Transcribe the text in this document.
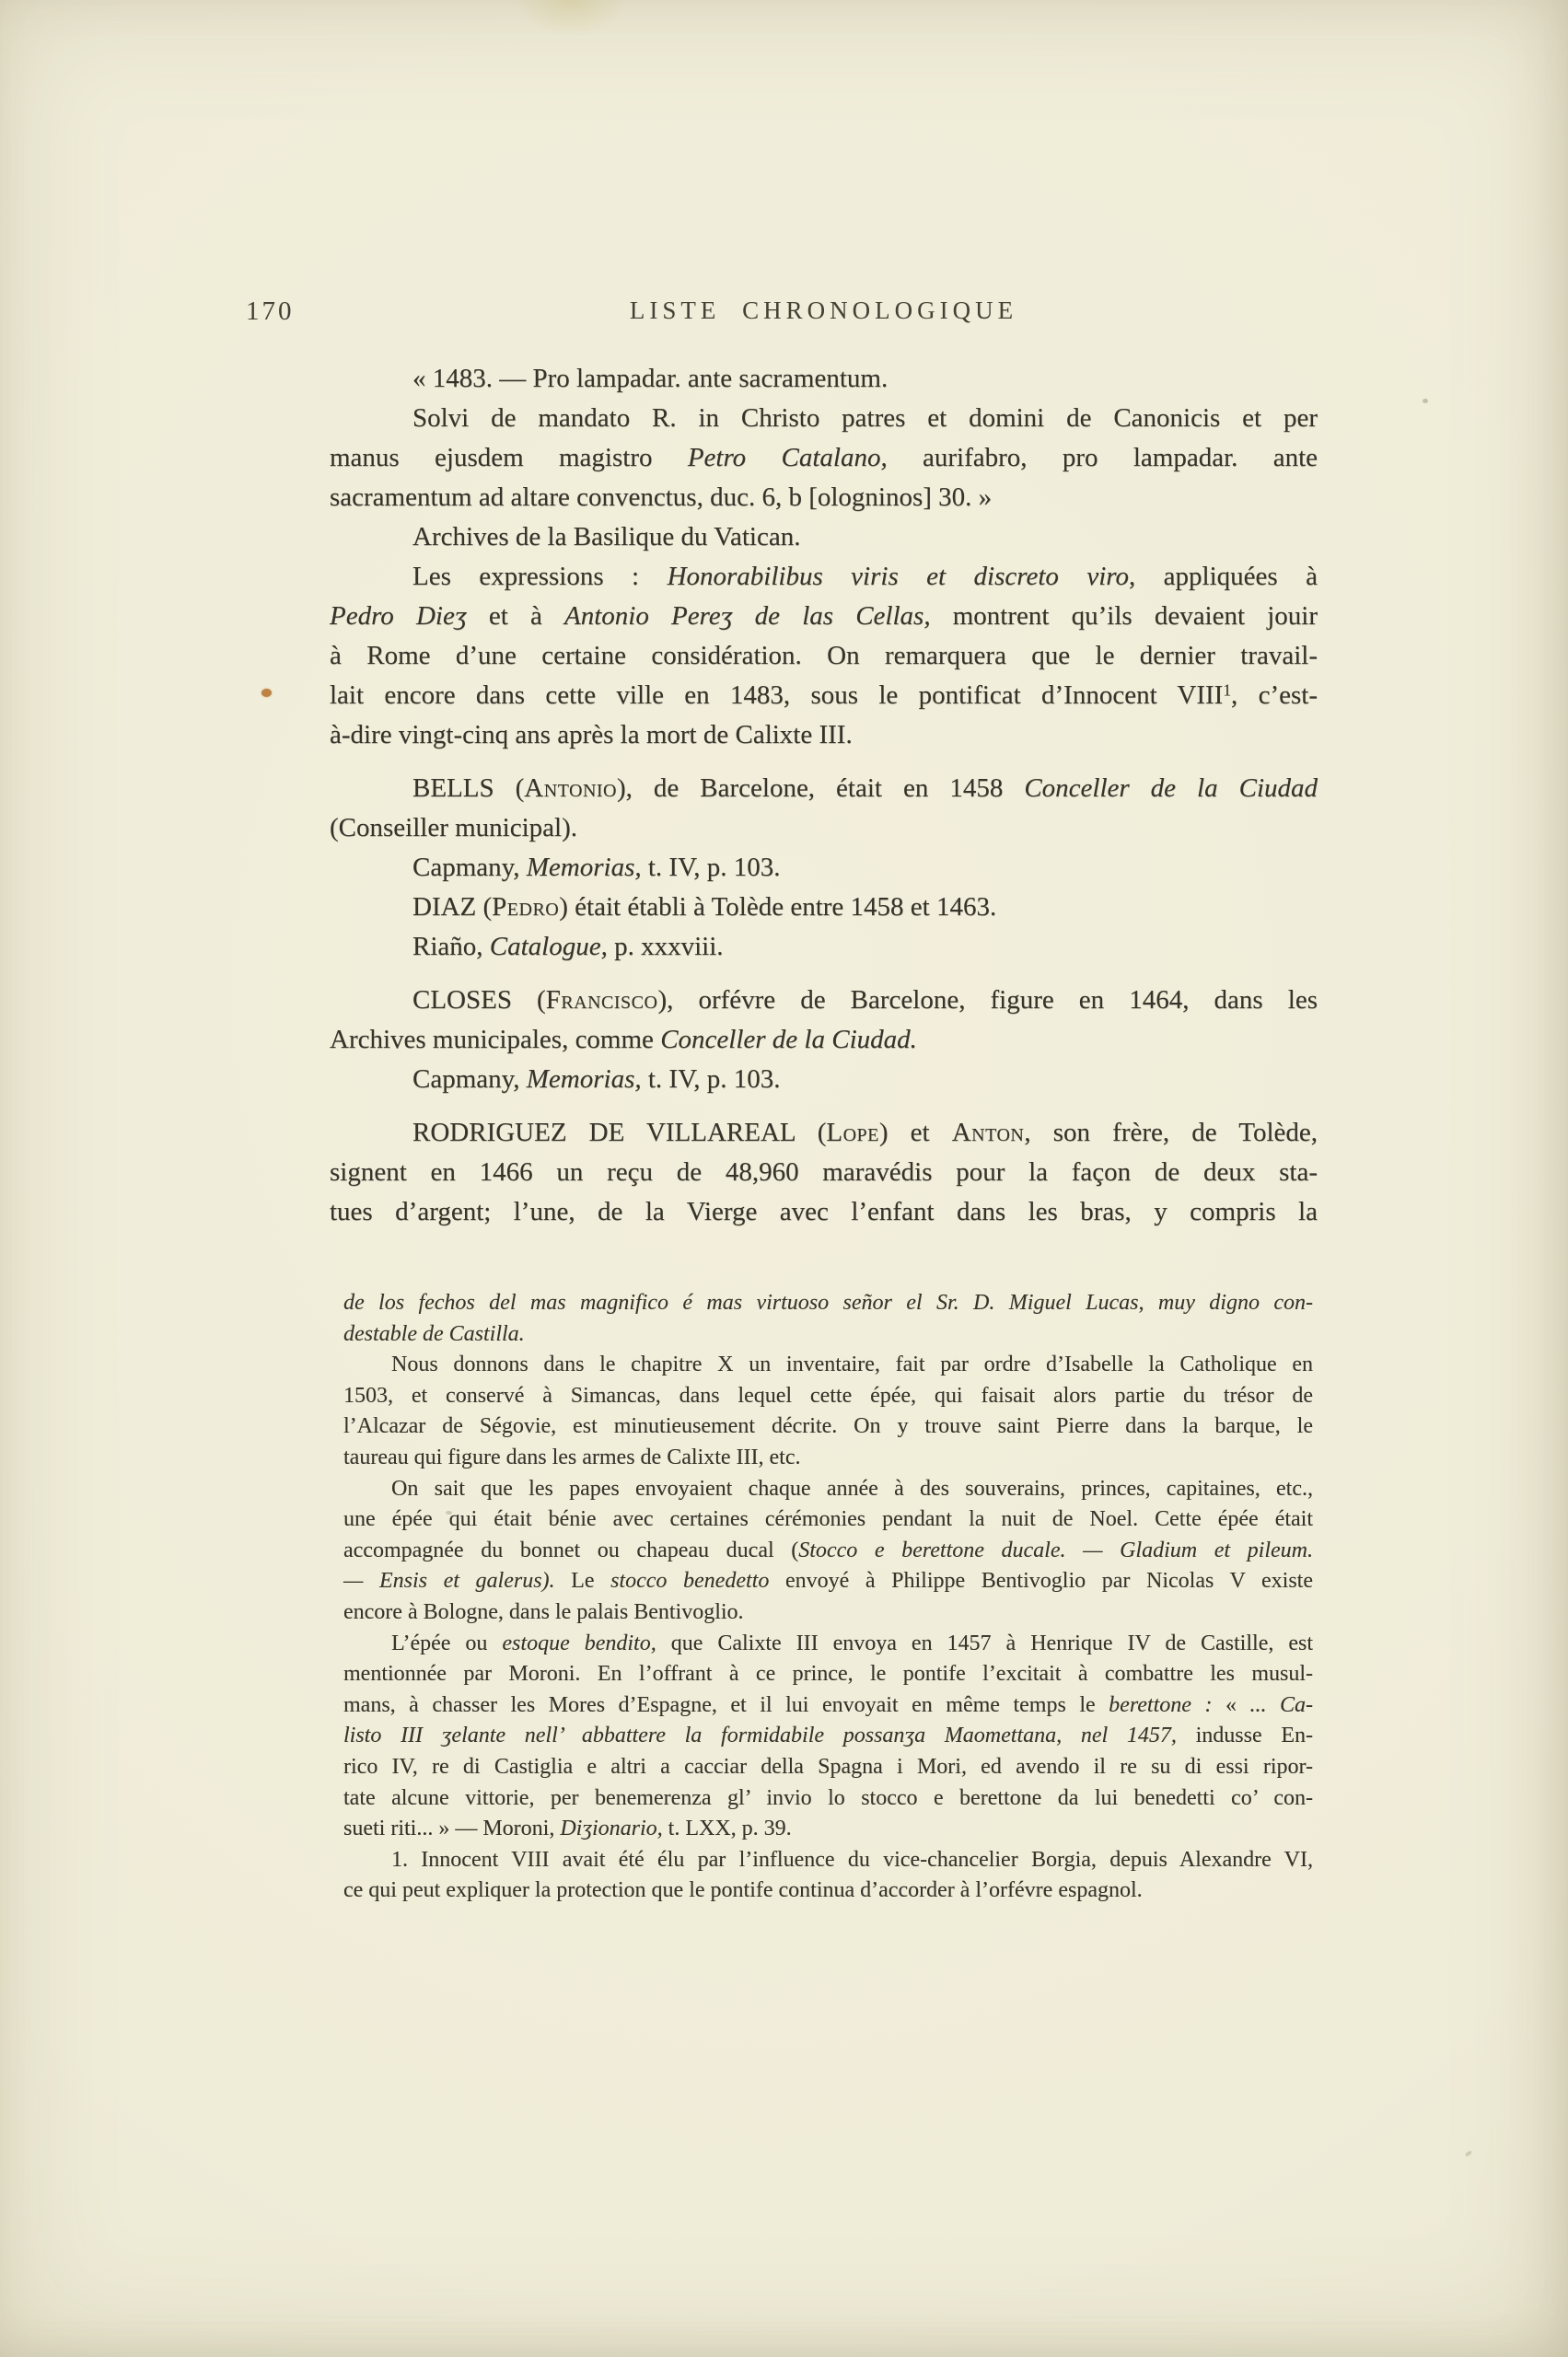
170	LISTE CHRONOLOGIQUE
« 1483. — Pro lampadar. ante sacramentum.
Solvi de mandato R. in Christo patres et domini de Canonicis et per
manus ejusdem magistro Petro Catalano, aurifabro, pro lampadar. ante
sacramentum ad altare convenctus, duc. 6, b [ologninos] 30. »
Archives de la Basilique du Vatican.
Les expressions : Honorabilibus viris et discreto viro, appliquées à
Pedro Dieʒ et à Antonio Pereʒ de las Cellas, montrent qu’ils devaient jouir
à Rome d’une certaine considération. On remarquera que le dernier travail-
lait encore dans cette ville en 1483, sous le pontificat d’Innocent VIII$^1$, c’est-
à-dire vingt-cinq ans après la mort de Calixte III.
BELLS (Antonio), de Barcelone, était en 1458 Conceller de la Ciudad
(Conseiller municipal).
Capmany, Memorias, t. IV, p. 103.
DIAZ (Pedro) était établi à Tolède entre 1458 et 1463.
Riaño, Catalogue, p. xxxviii.
CLOSES (Francisco), orfévre de Barcelone, figure en 1464, dans les
Archives municipales, comme Conceller de la Ciudad.
Capmany, Memorias, t. IV, p. 103.
RODRIGUEZ DE VILLAREAL (Lope) et Anton, son frère, de Tolède,
signent en 1466 un reçu de 48,960 maravédis pour la façon de deux sta-
tues d’argent; l’une, de la Vierge avec l’enfant dans les bras, y compris la
de los fechos del mas magnifico é mas virtuoso señor el Sr. D. Miguel Lucas, muy digno con-
destable de Castilla.
Nous donnons dans le chapitre X un inventaire, fait par ordre d’Isabelle la Catholique en
1503, et conservé à Simancas, dans lequel cette épée, qui faisait alors partie du trésor de
l’Alcazar de Ségovie, est minutieusement décrite. On y trouve saint Pierre dans la barque, le
taureau qui figure dans les armes de Calixte III, etc.
On sait que les papes envoyaient chaque année à des souverains, princes, capitaines, etc.,
une épée qui était bénie avec certaines cérémonies pendant la nuit de Noel. Cette épée était
accompagnée du bonnet ou chapeau ducal (Stocco e berettone ducale. — Gladium et pileum.
— Ensis et galerus). Le stocco benedetto envoyé à Philippe Bentivoglio par Nicolas V existe
encore à Bologne, dans le palais Bentivoglio.
L’épée ou estoque bendito, que Calixte III envoya en 1457 à Henrique IV de Castille, est
mentionnée par Moroni. En l’offrant à ce prince, le pontife l’excitait à combattre les musul-
mans, à chasser les Mores d’Espagne, et il lui envoyait en même temps le berettone : « ... Ca-
listo III ʒelante nell’ abbattere la formidabile possanʒa Maomettana, nel 1457, indusse En-
rico IV, re di Castiglia e altri a cacciar della Spagna i Mori, ed avendo il re su di essi ripor-
tate alcune vittorie, per benemerenza gl’ invio lo stocco e berettone da lui benedetti co’ con-
sueti riti... » — Moroni, Diʒionario, t. LXX, p. 39.
1. Innocent VIII avait été élu par l’influence du vice-chancelier Borgia, depuis Alexandre VI,
ce qui peut expliquer la protection que le pontife continua d’accorder à l’orfévre espagnol.
